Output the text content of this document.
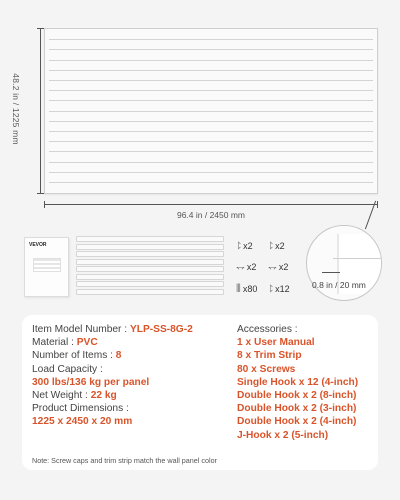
48.2 in / 1225 mm
96.4 in / 2450 mm
VEVOR	⥏ x2 ⥏ x2
⥐ x2 ⥐ x2
⦀ x80 ⥏ x12	0.8 in / 20 mm
Item Model Number : YLP-SS-8G-2
Material : PVC
Number of Items : 8
Load Capacity :
300 lbs/136 kg per panel
Net Weight : 22 kg
Product Dimensions :
1225 x 2450 x 20 mm
Accessories :
1 x User Manual
8 x Trim Strip
80 x Screws
Single Hook x 12 (4-inch)
Double Hook x 2 (8-inch)
Double Hook x 2 (3-inch)
Double Hook x 2 (4-inch)
J-Hook x 2 (5-inch)
Note: Screw caps and trim strip match the wall panel color
